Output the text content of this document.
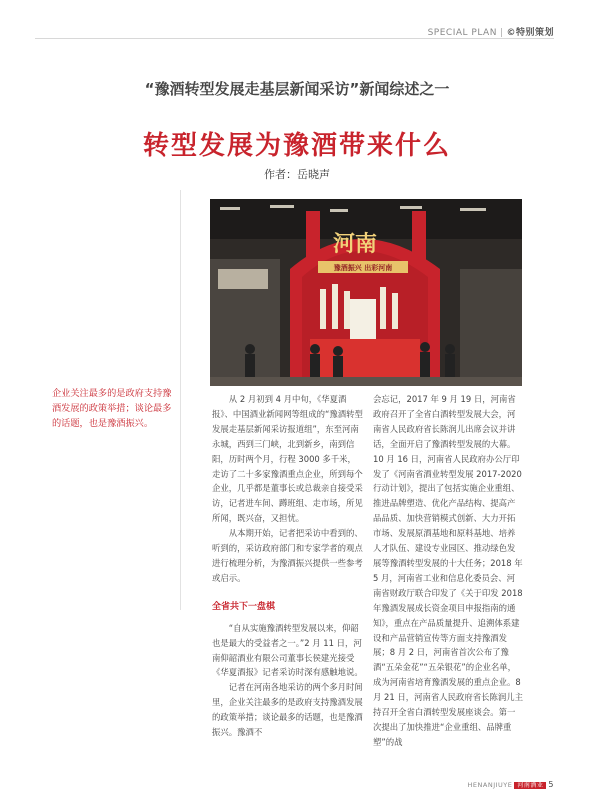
SPECIAL PLAN | ©特别策划
“豫酒转型发展走基层新闻采访”新闻综述之一
转型发展为豫酒带来什么
作者：岳晓声
河南
豫酒振兴 出彩河南
企业关注最多的是政府支持豫酒发展的政策举措；谈论最多的话题，也是豫酒振兴。

从 2 月初到 4 月中旬，《华夏酒报》、中国酒业新闻网等组成的“豫酒转型发展走基层新闻采访报道组”，东至河南永城，西到三门峡，北到新乡，南到信阳，历时两个月，行程 3000 多千米，走访了二十多家豫酒重点企业，所到每个企业，几乎都是董事长或总裁亲自接受采访，记者进车间、蹲班组、走市场，所见所闻，既兴奋，又担忧。

从本期开始，记者把采访中看到的、听到的，采访政府部门和专家学者的观点进行梳理分析，为豫酒振兴提供一些参考或启示。

全省共下一盘棋

“自从实施豫酒转型发展以来，仰韶也是最大的受益者之一。”2 月 11 日，河南仰韶酒业有限公司董事长侯建光接受《华夏酒报》记者采访时深有感触地说。

记者在河南各地采访的两个多月时间里，企业关注最多的是政府支持豫酒发展的政策举措；谈论最多的话题，也是豫酒振兴。豫酒不

会忘记，2017 年 9 月 19 日，河南省政府召开了全省白酒转型发展大会，河南省人民政府省长陈润儿出席会议并讲话，全面开启了豫酒转型发展的大幕。10 月 16 日，河南省人民政府办公厅印发了《河南省酒业转型发展 2017-2020 行动计划》，提出了包括实施企业重组、推进品牌塑造、优化产品结构、提高产品品质、加快营销模式创新、大力开拓市场、发展原酒基地和原料基地、培养人才队伍、建设专业园区、推动绿色发展等豫酒转型发展的十大任务；2018 年 5 月，河南省工业和信息化委员会、河南省财政厅联合印发了《关于印发 2018 年豫酒发展成长资金项目申报指南的通知》，重点在产品质量提升、追溯体系建设和产品营销宣传等方面支持豫酒发展；8 月 2 日，河南省首次公布了豫酒“五朵金花”“五朵银花”的企业名单，成为河南省培育豫酒发展的重点企业。8 月 21 日，河南省人民政府省长陈润儿主持召开全省白酒转型发展座谈会。第一次提出了加快推进“企业重组、品牌重塑”的战

HENANJIUYE 河南酒业 5
